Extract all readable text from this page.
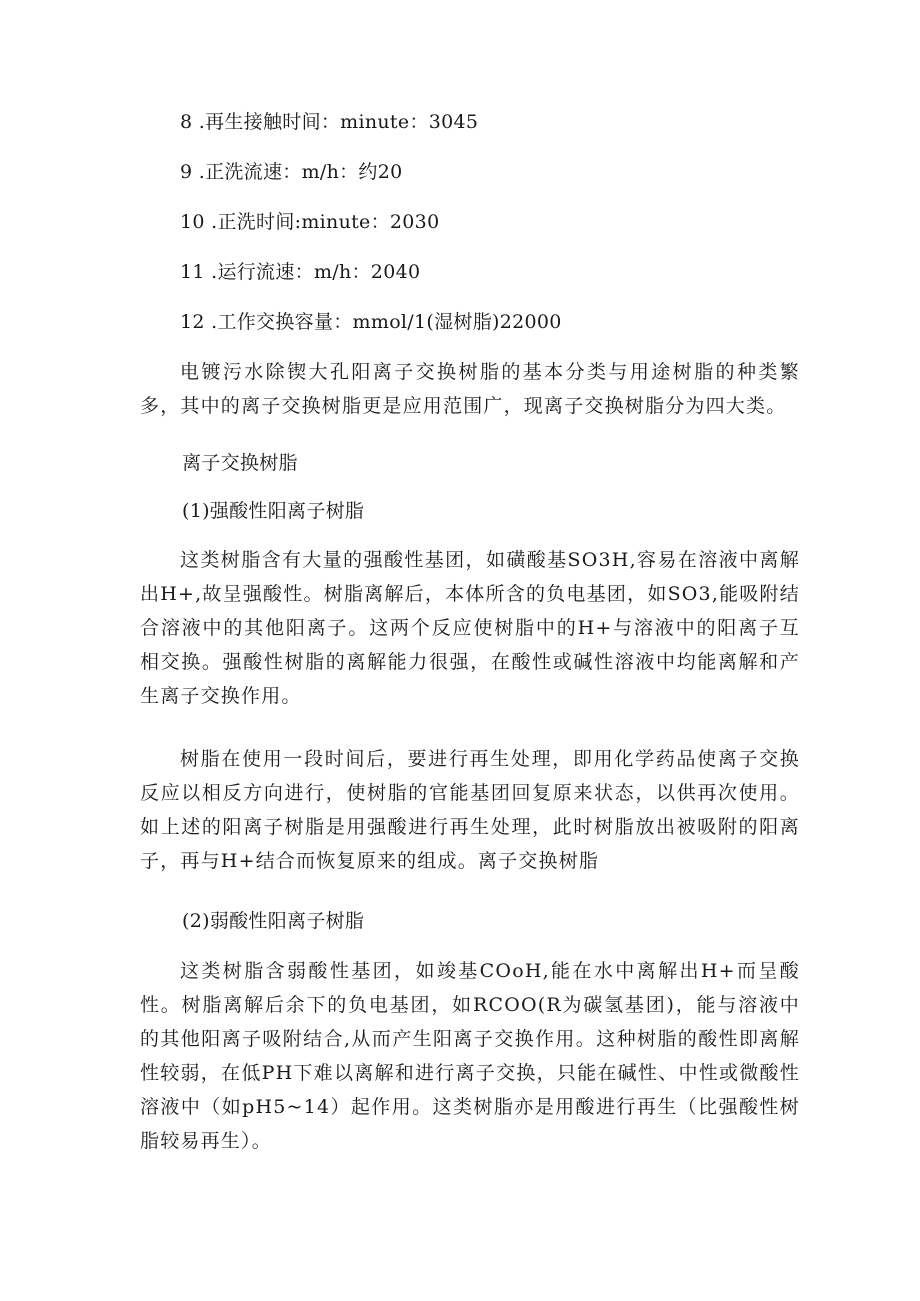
8 .再生接触时间：minute：3045
9 .正洗流速：m/h：约20
10 .正洗时间:minute：2030
11 .运行流速：m/h：2040
12 .工作交换容量：mmol/1(湿树脂)22000
电镀污水除锲大孔阳离子交换树脂的基本分类与用途树脂的种类繁多，其中的离子交换树脂更是应用范围广，现离子交换树脂分为四大类。
离子交换树脂
(1)强酸性阳离子树脂
这类树脂含有大量的强酸性基团，如磺酸基SO3H,容易在溶液中离解出H+,故呈强酸性。树脂离解后，本体所含的负电基团，如SO3,能吸附结合溶液中的其他阳离子。这两个反应使树脂中的H+与溶液中的阳离子互相交换。强酸性树脂的离解能力很强，在酸性或碱性溶液中均能离解和产生离子交换作用。
树脂在使用一段时间后，要进行再生处理，即用化学药品使离子交换反应以相反方向进行，使树脂的官能基团回复原来状态，以供再次使用。如上述的阳离子树脂是用强酸进行再生处理，此时树脂放出被吸附的阳离子，再与H+结合而恢复原来的组成。离子交换树脂
(2)弱酸性阳离子树脂
这类树脂含弱酸性基团，如竣基COoH,能在水中离解出H+而呈酸性。树脂离解后余下的负电基团，如RCOO(R为碳氢基团)，能与溶液中的其他阳离子吸附结合,从而产生阳离子交换作用。这种树脂的酸性即离解性较弱，在低PH下难以离解和进行离子交换，只能在碱性、中性或微酸性溶液中（如pH5~14）起作用。这类树脂亦是用酸进行再生（比强酸性树脂较易再生）。
